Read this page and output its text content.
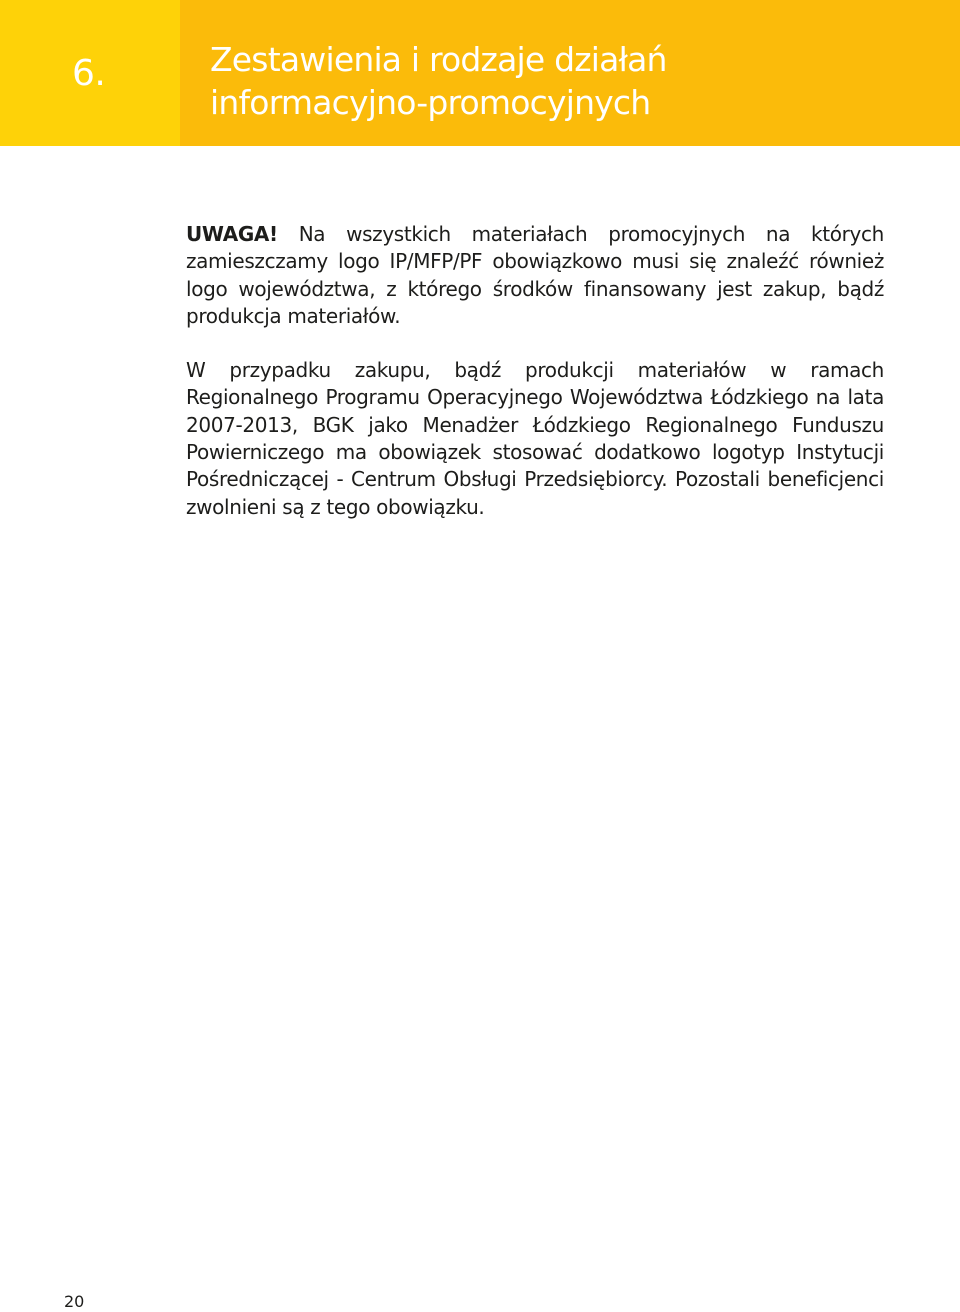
6.	Zestawienia i rodzaje działań
informacyjno-promocyjnych

UWAGA! Na wszystkich materiałach promocyjnych na których zamieszczamy logo IP/MFP/PF obowiązkowo musi się znaleźć również logo województwa, z którego środków finansowany jest zakup, bądź produkcja materiałów.

W przypadku zakupu, bądź produkcji materiałów w ramach Regionalnego Programu Operacyjnego Województwa Łódzkiego na lata 2007-2013, BGK jako Menadżer Łódzkiego Regionalnego Funduszu Powierniczego ma obowiązek stosować dodatkowo logotyp Instytucji Pośredniczącej - Centrum Obsługi Przedsiębiorcy. Pozostali beneficjenci zwolnieni są z tego obowiązku.

20
